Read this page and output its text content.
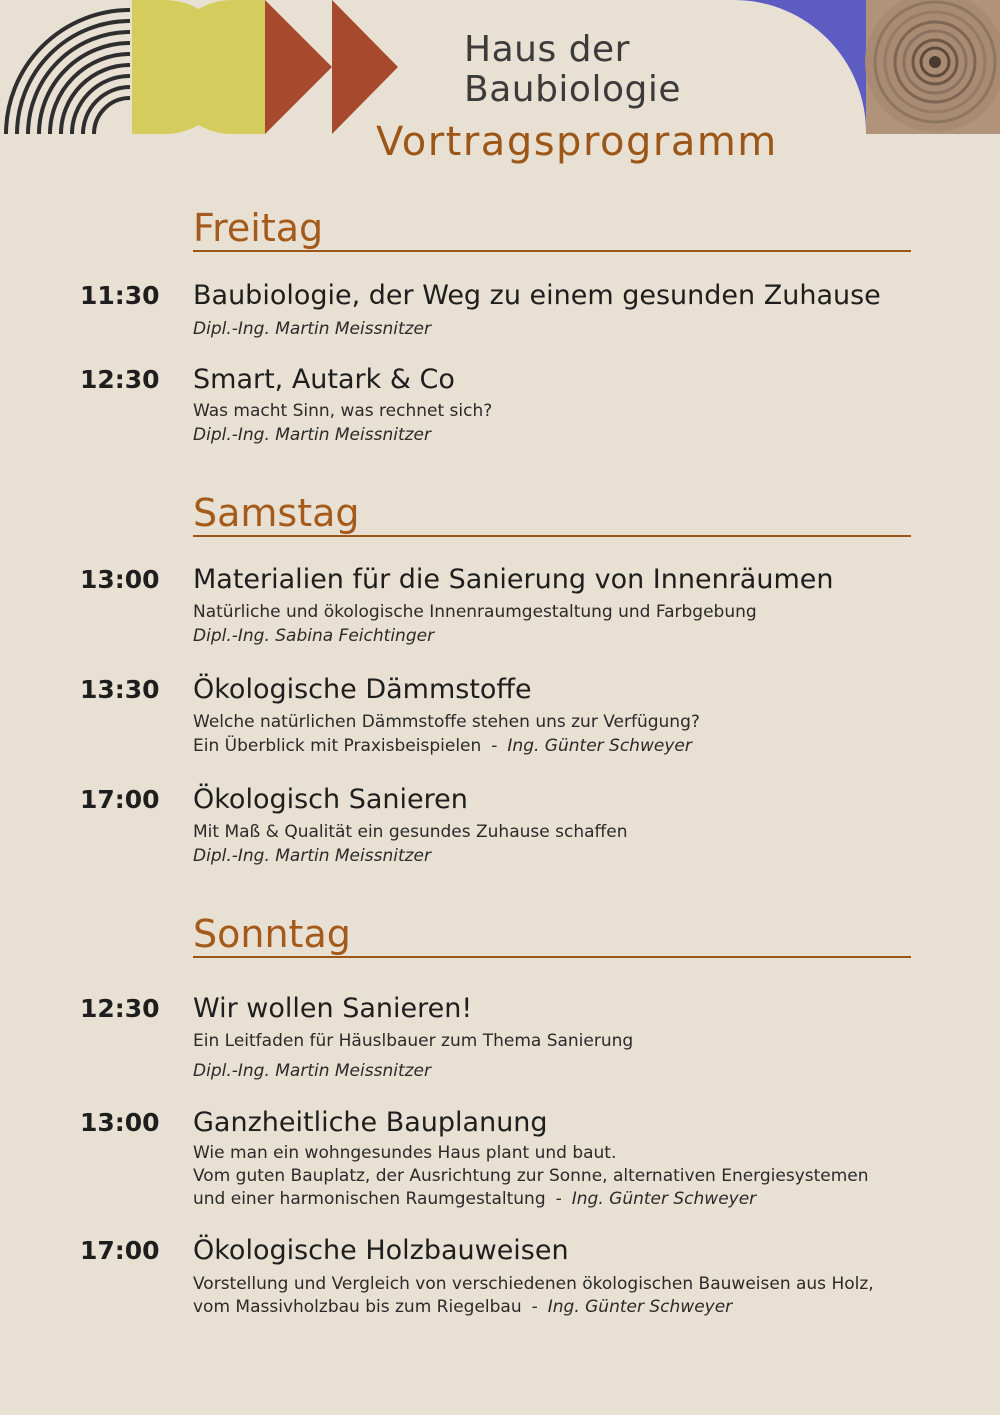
Haus der
Baubiologie
Vortragsprogramm
Freitag
11:30 Baubiologie, der Weg zu einem gesunden Zuhause
Dipl.-Ing. Martin Meissnitzer
12:30 Smart, Autark & Co
Was macht Sinn, was rechnet sich?
Dipl.-Ing. Martin Meissnitzer
Samstag
13:00 Materialien für die Sanierung von Innenräumen
Natürliche und ökologische Innenraumgestaltung und Farbgebung
Dipl.-Ing. Sabina Feichtinger
13:30 Ökologische Dämmstoffe
Welche natürlichen Dämmstoffe stehen uns zur Verfügung?
Ein Überblick mit Praxisbeispielen - Ing. Günter Schweyer
17:00 Ökologisch Sanieren
Mit Maß & Qualität ein gesundes Zuhause schaffen
Dipl.-Ing. Martin Meissnitzer
Sonntag
12:30 Wir wollen Sanieren!
Ein Leitfaden für Häuslbauer zum Thema Sanierung
Dipl.-Ing. Martin Meissnitzer
13:00 Ganzheitliche Bauplanung
Wie man ein wohngesundes Haus plant und baut.
Vom guten Bauplatz, der Ausrichtung zur Sonne, alternativen Energiesystemen
und einer harmonischen Raumgestaltung - Ing. Günter Schweyer
17:00 Ökologische Holzbauweisen
Vorstellung und Vergleich von verschiedenen ökologischen Bauweisen aus Holz,
vom Massivholzbau bis zum Riegelbau - Ing. Günter Schweyer
